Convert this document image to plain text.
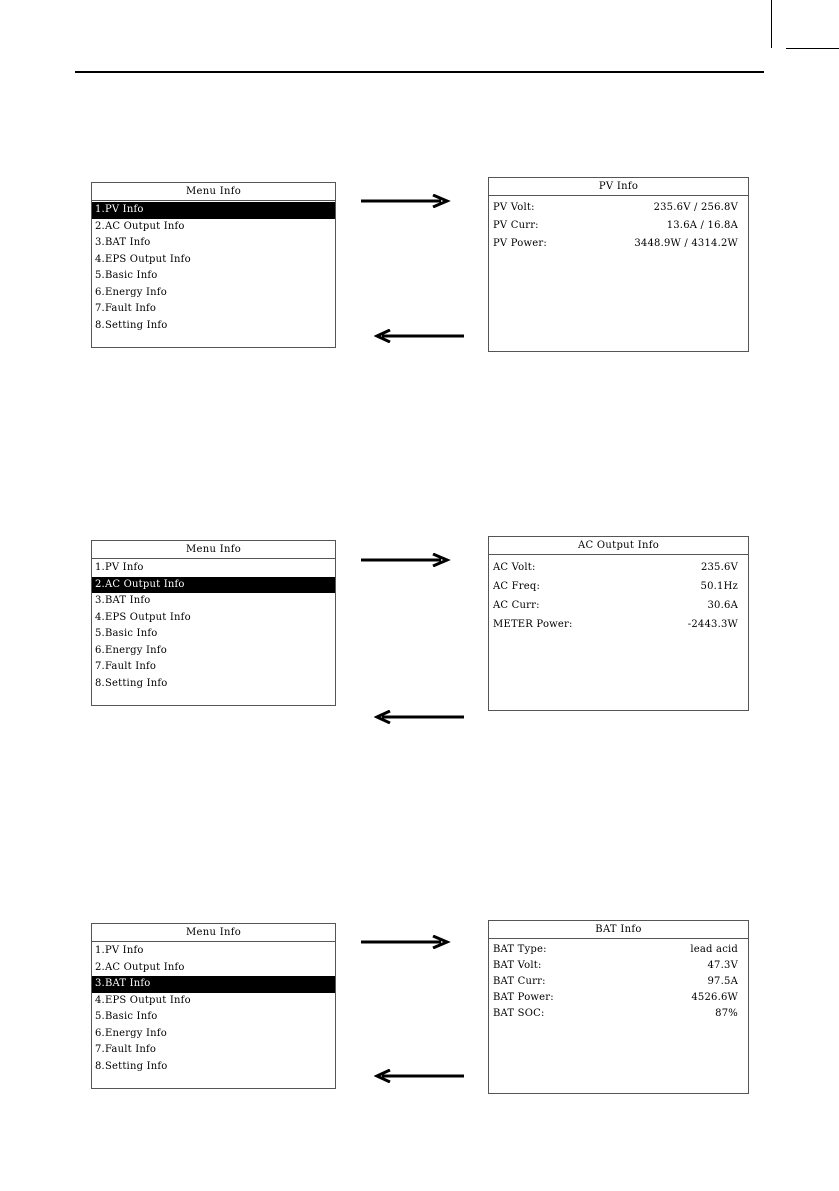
Menu Info
1.PV Info
2.AC Output Info
3.BAT Info
4.EPS Output Info
5.Basic Info
6.Energy Info
7.Fault Info
8.Setting Info
PV Info
PV Volt:	235.6V / 256.8V
PV Curr:	13.6A / 16.8A
PV Power:	3448.9W / 4314.2W
Menu Info
1.PV Info
2.AC Output Info
3.BAT Info
4.EPS Output Info
5.Basic Info
6.Energy Info
7.Fault Info
8.Setting Info
AC Output Info
AC Volt:	235.6V
AC Freq:	50.1Hz
AC Curr:	30.6A
METER Power:	-2443.3W
Menu Info
1.PV Info
2.AC Output Info
3.BAT Info
4.EPS Output Info
5.Basic Info
6.Energy Info
7.Fault Info
8.Setting Info
BAT Info
BAT Type:	lead acid
BAT Volt:	47.3V
BAT Curr:	97.5A
BAT Power:	4526.6W
BAT SOC:	87%
